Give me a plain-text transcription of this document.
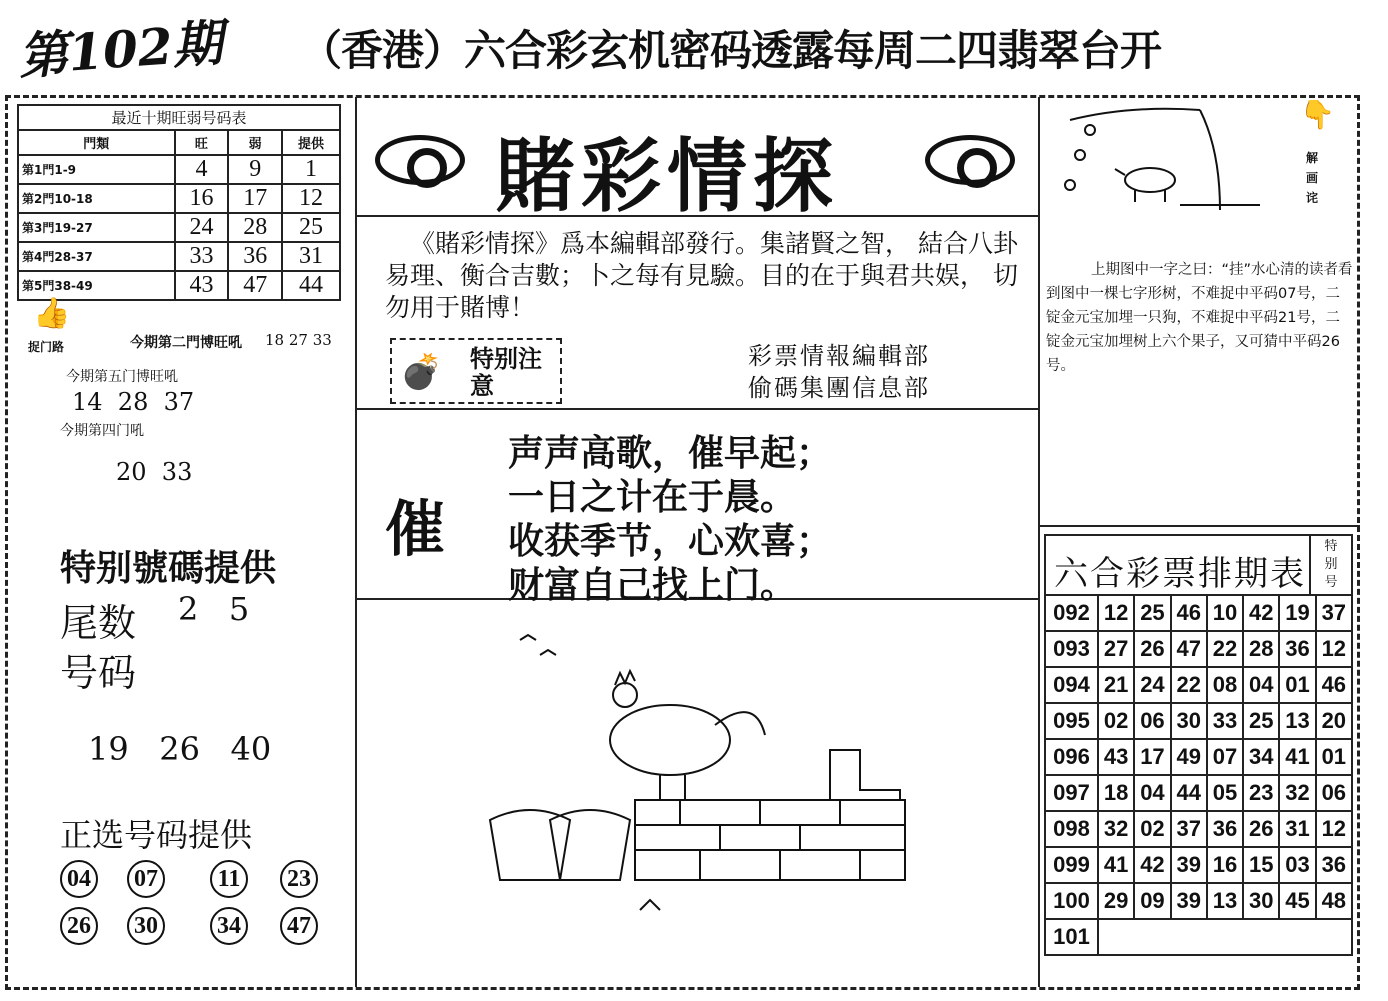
第102期 （香港）六合彩玄机密码透露每周二四翡翠台开
最近十期旺弱号码表			
門類	旺	弱	提供
第1門1-9	4	9	1
第2門10-18	16	17	12
第3門19-27	24	28	25
第4門28-37	33	36	31
第5門38-49	43	47	44
👍
捉门路	今期第二門博旺吼 18 27 33
今期第五门博旺吼
14  28  37
今期第四门吼
20  33
特别號碼提供
尾数 2   5
号码
19   26   40
正选号码提供
04 07	11	23
26 30 34 47
賭彩情探
《賭彩情探》爲本編輯部發行。集諸賢之智， 結合八卦易理、衡合吉數；卜之每有見驗。目的在于與君共娱， 切勿用于賭博！
💣 特别注意
彩票情報編輯部
偷碼集團信息部
催
声声高歌，催早起；
一日之计在于晨。
收获季节，心欢喜；
财富自己找上门。
👇
解画诧
上期图中一字之曰：“挂”水心清的读者看到图中一棵七字形树，不难捉中平码07号，二锭金元宝加埋一只狗，不难捉中平码21号，二锭金元宝加埋树上六个果子，又可猜中平码26号。
六合彩票排期表
特别号
092	12	25	46	10	42	19	37
093	27	26	47	22	28	36	12
094	21	24	22	08	04	01	46
095	02	06	30	33	25	13	20
096	43	17	49	07	34	41	01
097	18	04	44	05	23	32	06
098	32	02	37	36	26	31	12
099	41	42	39	16	15	03	36
100	29	09	39	13	30	45	48
101							
